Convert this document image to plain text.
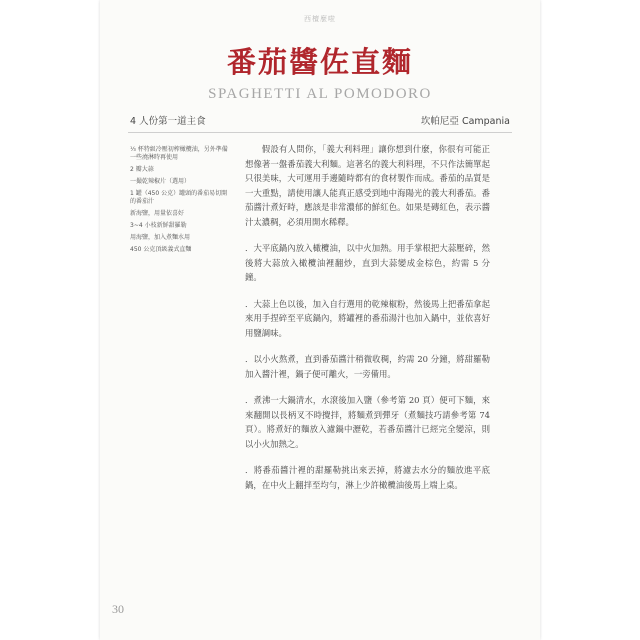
西檀麼啦
番茄醬佐直麵
SPAGHETTI AL POMODORO
4 人份第一道主食	坎帕尼亞 Campania
⅓ 杯特級冷壓初榨橄欖油，另外準備一些澆淋時再使用
2 瓣大蒜
一撮乾辣椒片（選用）
1 罐（450 公克）罐頭的番茄易切開的番茄汁
新海鹽，用量依喜好
3~4 小枝新鮮甜羅勒
用海鹽，加入煮麵水用
450 公克頂級義式直麵

假設有人問你，「義大利料理」讓你想到什麼，你很有可能正想像著一盤番茄義大利麵。這著名的義大利料理，不只作法簡單起只很美味，大可運用手邊隨時都有的食材製作而成。番茄的品質是一大重點，請使用讓人能真正感受到地中海陽光的義大利番茄。番茄醬汁煮好時，應該是非常濃郁的鮮紅色。如果是磚紅色，表示醬汁太濃稠，必須用開水稀釋。

．大平底鍋內放入橄欖油，以中火加熱。用手掌根把大蒜壓碎，然後將大蒜放入橄欖油裡翻炒，直到大蒜變成金棕色，約需 5 分鐘。

．大蒜上色以後，加入自行選用的乾辣椒粉，然後馬上把番茄拿起來用手捏碎至平底鍋內，將罐裡的番茄湯汁也加入鍋中，並依喜好用鹽調味。

．以小火熬煮，直到番茄醬汁稍微收稠，約需 20 分鐘，將甜羅勒加入醬汁裡，鍋子便可離火，一旁備用。

．煮沸一大鍋清水，水滾後加入鹽（參考第 20 頁）便可下麵，來來翻開以長柄叉不時攪拌，將麵煮到彈牙（煮麵技巧請參考第 74 頁）。將煮好的麵放入濾鍋中瀝乾，若番茄醬汁已經完全變涼，則以小火加熱之。

．將番茄醬汁裡的甜羅勒挑出來丟掉，將濾去水分的麵放進平底鍋，在中火上翻拌至均勻，淋上少許橄欖油後馬上端上桌。

30
